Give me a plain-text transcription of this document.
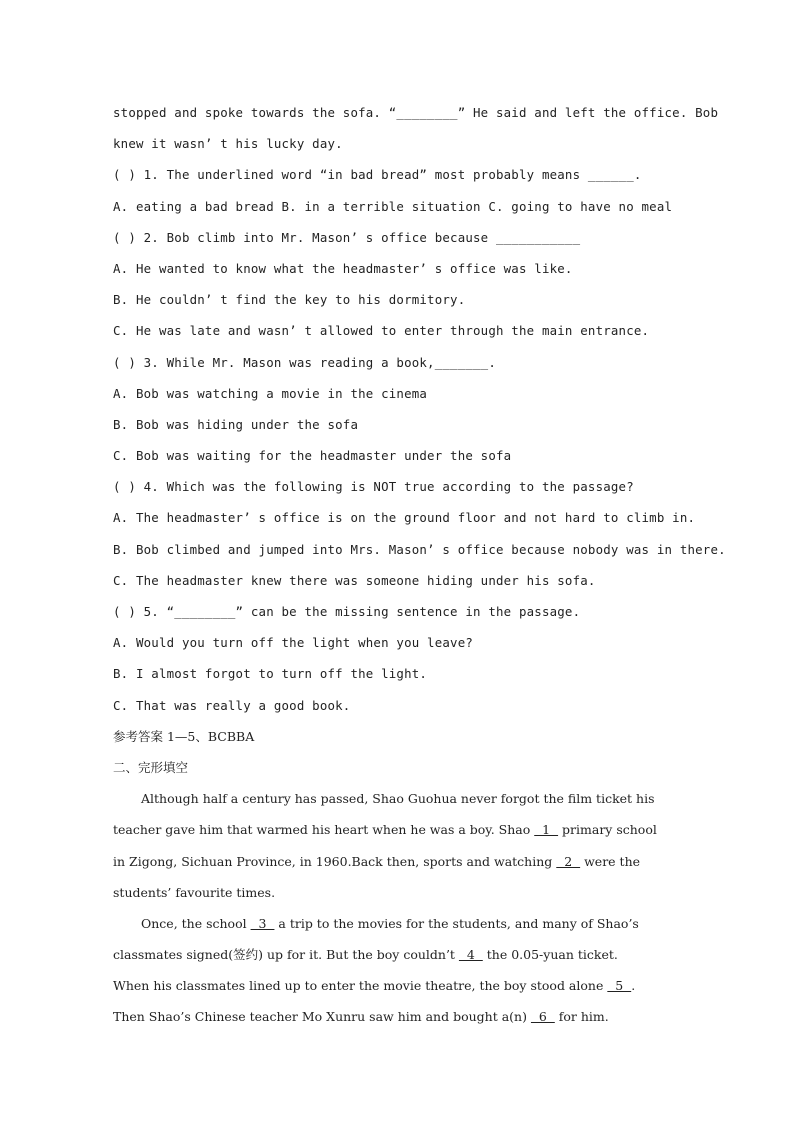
stopped and spoke towards the sofa. “________” He said and left the office. Bob
knew it wasn’ t his lucky day.
( ) 1. The underlined word “in bad bread” most probably means ______.
A. eating a bad bread B. in a terrible situation C. going to have no meal
( ) 2. Bob climb into Mr. Mason’ s office because ___________
A. He wanted to know what the headmaster’ s office was like.
B. He couldn’ t find the key to his dormitory.
C. He was late and wasn’ t allowed to enter through the main entrance.
( ) 3. While Mr. Mason was reading a book,_______.
A. Bob was watching a movie in the cinema
B. Bob was hiding under the sofa
C. Bob was waiting for the headmaster under the sofa
( ) 4. Which was the following is NOT true according to the passage?
A. The headmaster’ s office is on the ground floor and not hard to climb in.
B. Bob climbed and jumped into Mrs. Mason’ s office because nobody was in there.
C. The headmaster knew there was someone hiding under his sofa.
( ) 5. “________” can be the missing sentence in the passage.
A. Would you turn off the light when you leave?
B. I almost forgot to turn off the light.
C. That was really a good book.
参考答案 1—5、BCBBA
二、完形填空
Although half a century has passed, Shao Guohua never forgot the film ticket his
teacher gave him that warmed his heart when he was a boy. Shao   1   primary school
in Zigong, Sichuan Province, in 1960.Back then, sports and watching   2   were the
students’ favourite times.
Once, the school   3   a trip to the movies for the students, and many of Shao’s
classmates signed(签约) up for it. But the boy couldn’t   4   the 0.05-yuan ticket.
When his classmates lined up to enter the movie theatre, the boy stood alone   5  .
Then Shao’s Chinese teacher Mo Xunru saw him and bought a(n)   6   for him.
